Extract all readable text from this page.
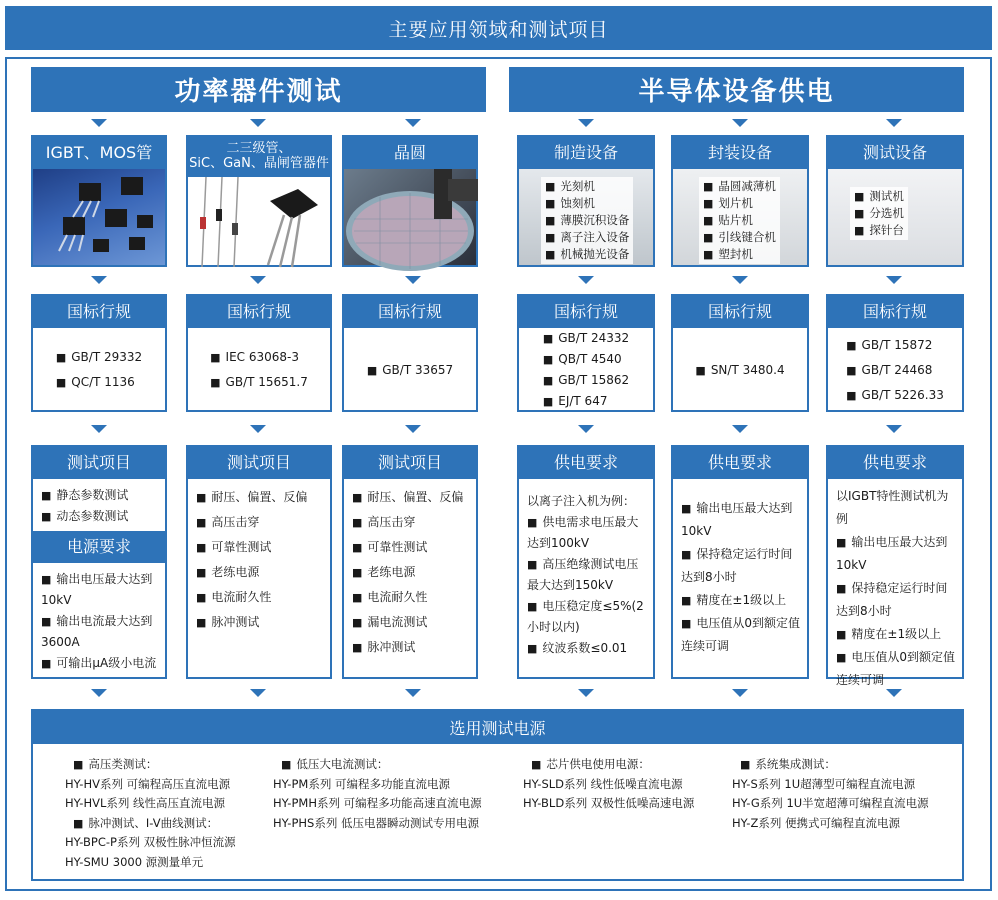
主要应用领域和测试项目
功率器件测试	半导体设备供电
IGBT、MOS管	二三级管、
SiC、GaN、晶闸管器件
晶圆	制造设备
■ 光刻机
■ 蚀刻机
■ 薄膜沉积设备
■ 离子注入设备
■ 机械抛光设备
封装设备
■ 晶圆减薄机
■ 划片机
■ 贴片机
■ 引线键合机
■ 塑封机
测试设备
■ 测试机
■ 分选机
■ 探针台
国标行规
■ GB/T 29332
■ QC/T 1136
国标行规
■ IEC 63068-3
■ GB/T 15651.7
国标行规
■ GB/T 33657
国标行规
■ GB/T 24332
■ QB/T 4540
■ GB/T 15862
■ EJ/T 647
国标行规
■ SN/T 3480.4
国标行规
■ GB/T 15872
■ GB/T 24468
■ GB/T 5226.33
测试项目
■ 静态参数测试
■ 动态参数测试
电源要求
■ 输出电压最大达到10kV
■ 输出电流最大达到3600A
■ 可输出μA级小电流
测试项目
■ 耐压、偏置、反偏
■ 高压击穿
■ 可靠性测试
■ 老练电源
■ 电流耐久性
■ 脉冲测试
测试项目
■ 耐压、偏置、反偏
■ 高压击穿
■ 可靠性测试
■ 老练电源
■ 电流耐久性
■ 漏电流测试
■ 脉冲测试
供电要求
以离子注入机为例：
■ 供电需求电压最大达到100kV
■ 高压绝缘测试电压最大达到150kV
■ 电压稳定度≤5%(2小时以内)
■ 纹波系数≤0.01
供电要求
■ 输出电压最大达到10kV
■ 保持稳定运行时间达到8小时
■ 精度在±1级以上
■ 电压值从0到额定值连续可调
供电要求
以IGBT特性测试机为例
■ 输出电压最大达到10kV
■ 保持稳定运行时间达到8小时
■ 精度在±1级以上
■ 电压值从0到额定值连续可调
选用测试电源
■ 高压类测试：
HY-HV系列 可编程高压直流电源
HY-HVL系列 线性高压直流电源
■ 脉冲测试、I-V曲线测试：
HY-BPC-P系列 双极性脉冲恒流源
HY-SMU 3000 源测量单元
■ 低压大电流测试：
HY-PM系列 可编程多功能直流电源
HY-PMH系列 可编程多功能高速直流电源
HY-PHS系列 低压电器瞬动测试专用电源
■ 芯片供电使用电源：
HY-SLD系列 线性低噪直流电源
HY-BLD系列 双极性低噪高速电源
■ 系统集成测试：
HY-S系列 1U超薄型可编程直流电源
HY-G系列 1U半宽超薄可编程直流电源
HY-Z系列 便携式可编程直流电源
